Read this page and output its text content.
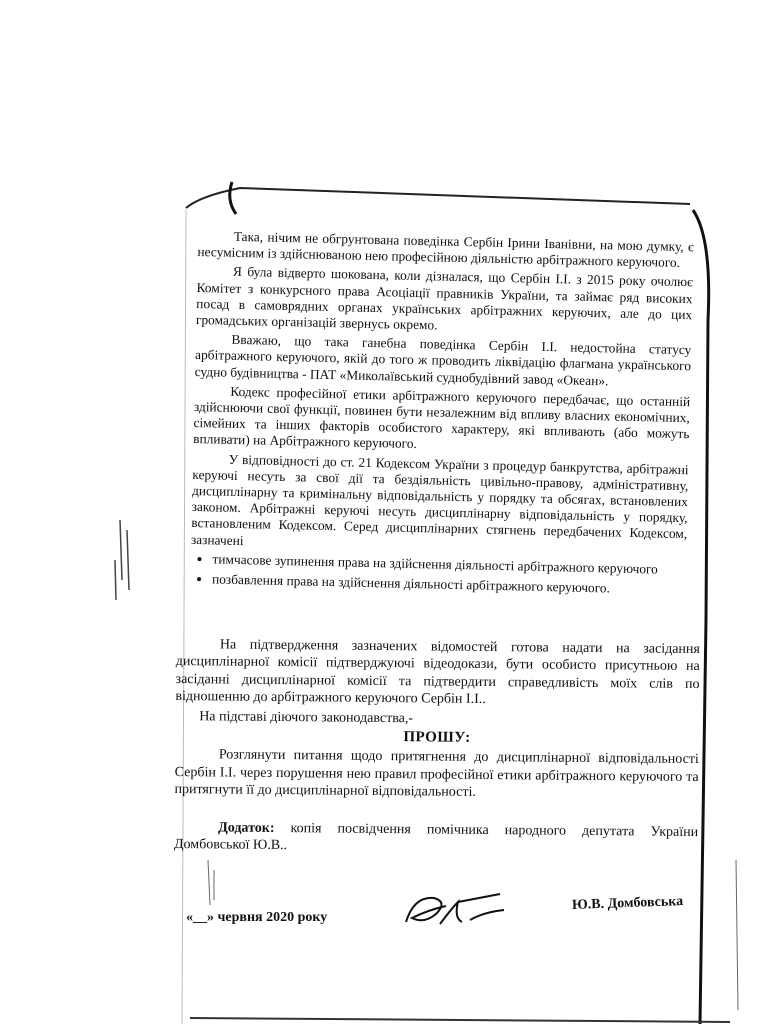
Така, нічим не обгрунтована поведінка Сербін Ірини Іванівни, на мою думку, є несумісним із здійснюваною нею професійною діяльністю арбітражного керуючого.

Я була відверто шокована, коли дізналася, що Сербін І.І. з 2015 року очолює Комітет з конкурсного права Асоціації правників України, та займає ряд високих посад в самоврядних органах українських арбітражних керуючих, але до цих громадських організацій звернусь окремо.

Вважаю, що така ганебна поведінка Сербін І.І. недостойна статусу арбітражного керуючого, якій до того ж проводить ліквідацію флагмана українського судно будівництва - ПАТ «Миколаївський суднобудівний завод «Океан».

Кодекс професійної етики арбітражного керуючого передбачає, що останній здійснюючи свої функції, повинен бути незалежним від впливу власних економічних, сімейних та інших факторів особистого характеру, які впливають (або можуть впливати) на Арбітражного керуючого.

У відповідності до ст. 21 Кодексом України з процедур банкрутства, арбітражні керуючі несуть за свої дії та бездіяльність цивільно-правову, адміністративну, дисциплінарну та кримінальну відповідальність у порядку та обсягах, встановлених законом. Арбітражні керуючі несуть дисциплінарну відповідальність у порядку, встановленим Кодексом. Серед дисциплінарних стягнень передбачених Кодексом, зазначені

• тимчасове зупинення права на здійснення діяльності арбітражного керуючого
• позбавлення права на здійснення діяльності арбітражного керуючого.

На підтвердження зазначених відомостей готова надати на засідання дисциплінарної комісії підтверджуючі відеодокази, бути особисто присутньою на засіданні дисциплінарної комісії та підтвердити справедливість моїх слів по відношенню до арбітражного керуючого Сербін І.І..

На підставі діючого законодавства,-

ПРОШУ:

Розглянути питання щодо притягнення до дисциплінарної відповідальності Сербін І.І. через порушення нею правил професійної етики арбітражного керуючого та притягнути її до дисциплінарної відповідальності.

Додаток: копія посвідчення помічника народного депутата України Домбовської Ю.В..

«__» червня 2020 року
Ю.В. Домбовська
